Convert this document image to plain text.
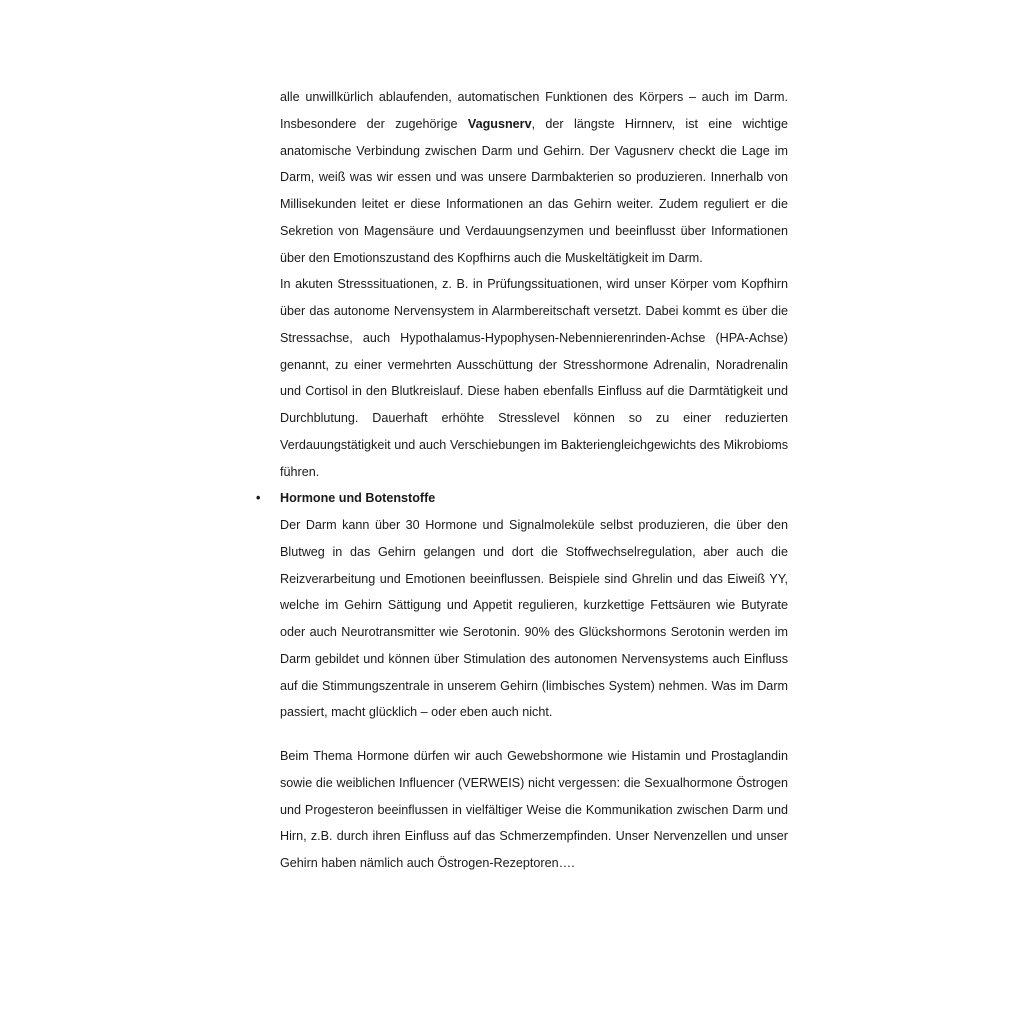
alle unwillkürlich ablaufenden, automatischen Funktionen des Körpers – auch im Darm. Insbesondere der zugehörige Vagusnerv, der längste Hirnnerv, ist eine wichtige anatomische Verbindung zwischen Darm und Gehirn. Der Vagusnerv checkt die Lage im Darm, weiß was wir essen und was unsere Darmbakterien so produzieren. Innerhalb von Millisekunden leitet er diese Informationen an das Gehirn weiter. Zudem reguliert er die Sekretion von Magensäure und Verdauungsenzymen und beeinflusst über Informationen über den Emotionszustand des Kopfhirns auch die Muskeltätigkeit im Darm.

In akuten Stresssituationen, z. B. in Prüfungssituationen, wird unser Körper vom Kopfhirn über das autonome Nervensystem in Alarmbereitschaft versetzt. Dabei kommt es über die Stressachse, auch Hypothalamus-Hypophysen-Nebennierenrinden-Achse (HPA-Achse) genannt, zu einer vermehrten Ausschüttung der Stresshormone Adrenalin, Noradrenalin und Cortisol in den Blutkreislauf. Diese haben ebenfalls Einfluss auf die Darmtätigkeit und Durchblutung. Dauerhaft erhöhte Stresslevel können so zu einer reduzierten Verdauungstätigkeit und auch Verschiebungen im Bakteriengleichgewichts des Mikrobioms führen.

• Hormone und Botenstoffe

Der Darm kann über 30 Hormone und Signalmoleküle selbst produzieren, die über den Blutweg in das Gehirn gelangen und dort die Stoffwechselregulation, aber auch die Reizverarbeitung und Emotionen beeinflussen. Beispiele sind Ghrelin und das Eiweiß YY, welche im Gehirn Sättigung und Appetit regulieren, kurzkettige Fettsäuren wie Butyrate oder auch Neurotransmitter wie Serotonin. 90% des Glückshormons Serotonin werden im Darm gebildet und können über Stimulation des autonomen Nervensystems auch Einfluss auf die Stimmungszentrale in unserem Gehirn (limbisches System) nehmen. Was im Darm passiert, macht glücklich – oder eben auch nicht.

Beim Thema Hormone dürfen wir auch Gewebshormone wie Histamin und Prostaglandin sowie die weiblichen Influencer (VERWEIS) nicht vergessen: die Sexualhormone Östrogen und Progesteron beeinflussen in vielfältiger Weise die Kommunikation zwischen Darm und Hirn, z.B. durch ihren Einfluss auf das Schmerzempfinden. Unser Nervenzellen und unser Gehirn haben nämlich auch Östrogen-Rezeptoren….
